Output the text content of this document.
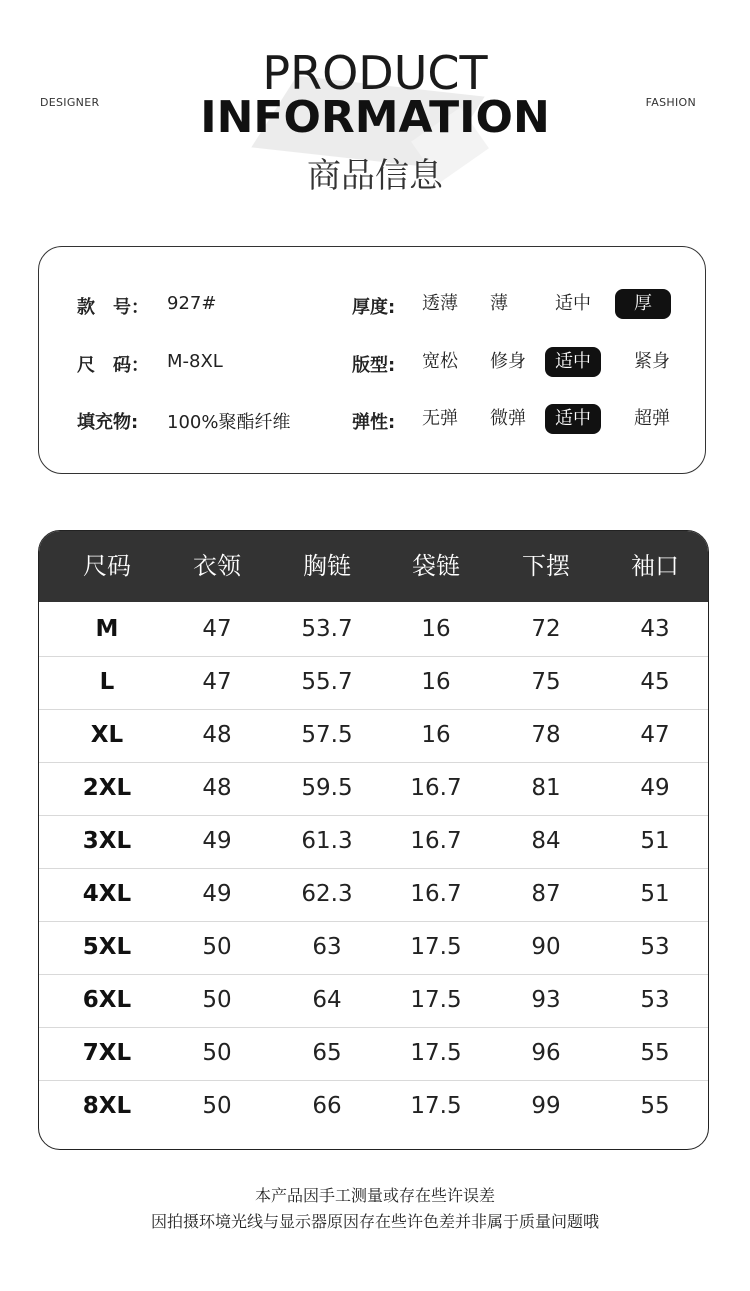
DESIGNER	FASHION
PRODUCT
INFORMATION
商品信息
款　号： 927#	厚度:	透薄	薄	适中	厚
尺　码： M-8XL	版型:	宽松	修身	适中	紧身
填充物: 100%聚酯纤维	弹性:	无弹	微弹	适中	超弹
尺码	衣领	胸链	袋链	下摆	袖口
M	47	53.7	16	72	43
L	47	55.7	16	75	45
XL	48	57.5	16	78	47
2XL	48	59.5	16.7	81	49
3XL	49	61.3	16.7	84	51
4XL	49	62.3	16.7	87	51
5XL	50	63	17.5	90	53
6XL	50	64	17.5	93	53
7XL	50	65	17.5	96	55
8XL	50	66	17.5	99	55
本产品因手工测量或存在些许误差
因拍摄环境光线与显示器原因存在些许色差并非属于质量问题哦
